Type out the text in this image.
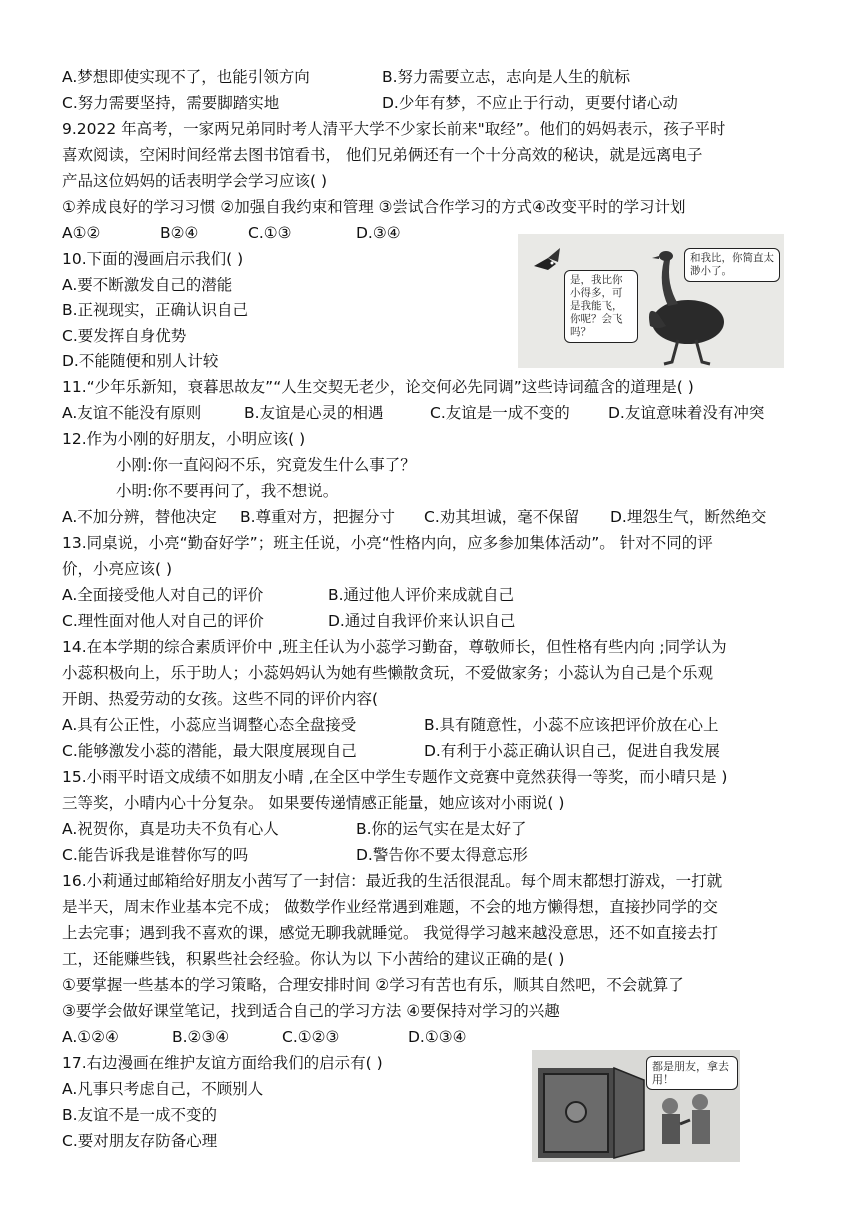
A.梦想即使实现不了，也能引领方向	B.努力需要立志，志向是人生的航标
C.努力需要坚持，需要脚踏实地	D.少年有梦，不应止于行动，更要付诸心动
9.2022 年高考，一家两兄弟同时考人清平大学不少家长前来"取经”。他们的妈妈表示，孩子平时
喜欢阅读，空闲时间经常去图书馆看书， 他们兄弟俩还有一个十分高效的秘诀，就是远离电子
产品这位妈妈的话表明学会学习应该( )
①养成良好的学习习惯 ②加强自我约束和管理 ③尝试合作学习的方式④改变平时的学习计划
A①②	B②④	C.①③	D.③④
10.下面的漫画启示我们( )
A.要不断激发自己的潜能
B.正视现实，正确认识自己
C.要发挥自身优势
D.不能随便和别人计较
是，我比你小得多，可是我能飞，你呢？会飞吗？
和我比，你简直太渺小了。
11.“少年乐新知，衰暮思故友”“人生交契无老少，论交何必先同调”这些诗词蕴含的道理是( )
A.友谊不能没有原则	B.友谊是心灵的相遇	C.友谊是一成不变的 D.友谊意味着没有冲突
12.作为小刚的好朋友，小明应该( )
小刚:你一直闷闷不乐，究竟发生什么事了？
小明:你不要再问了，我不想说。
A.不加分辨，替他决定 B.尊重对方，把握分寸 C.劝其坦诚，毫不保留 D.埋怨生气，断然绝交
13.同桌说，小亮“勤奋好学”；班主任说，小亮“性格内向，应多参加集体活动”。 针对不同的评
价，小亮应该( )
A.全面接受他人对自己的评价	B.通过他人评价来成就自己
C.理性面对他人对自己的评价	D.通过自我评价来认识自己
14.在本学期的综合素质评价中 ,班主任认为小蕊学习勤奋，尊敬师长，但性格有些内向 ;同学认为
小蕊积极向上，乐于助人；小蕊妈妈认为她有些懒散贪玩，不爱做家务；小蕊认为自己是个乐观
开朗、热爱劳动的女孩。这些不同的评价内容(
A.具有公正性，小蕊应当调整心态全盘接受	B.具有随意性，小蕊不应该把评价放在心上
C.能够激发小蕊的潜能，最大限度展现自己	D.有利于小蕊正确认识自己，促进自我发展
15.小雨平时语文成绩不如朋友小晴 ,在全区中学生专题作文竞赛中竟然获得一等奖，而小晴只是 )
三等奖，小晴内心十分复杂。 如果要传递情感正能量，她应该对小雨说( )
A.祝贺你，真是功夫不负有心人	B.你的运气实在是太好了
C.能告诉我是谁替你写的吗	D.警告你不要太得意忘形
16.小莉通过邮箱给好朋友小茜写了一封信：最近我的生活很混乱。每个周末都想打游戏，一打就
是半天，周末作业基本完不成； 做数学作业经常遇到难题，不会的地方懒得想，直接抄同学的交
上去完事；遇到我不喜欢的课，感觉无聊我就睡觉。 我觉得学习越来越没意思，还不如直接去打
工，还能赚些钱，积累些社会经验。你认为以 下小茜给的建议正确的是( )
①要掌握一些基本的学习策略，合理安排时间 ②学习有苦也有乐，顺其自然吧，不会就算了
③要学会做好课堂笔记，找到适合自己的学习方法 ④要保持对学习的兴趣
A.①②④	B.②③④	C.①②③	D.①③④
17.右边漫画在维护友谊方面给我们的启示有( )
A.凡事只考虑自己，不顾别人
B.友谊不是一成不变的
C.要对朋友存防备心理
都是朋友，拿去用！
